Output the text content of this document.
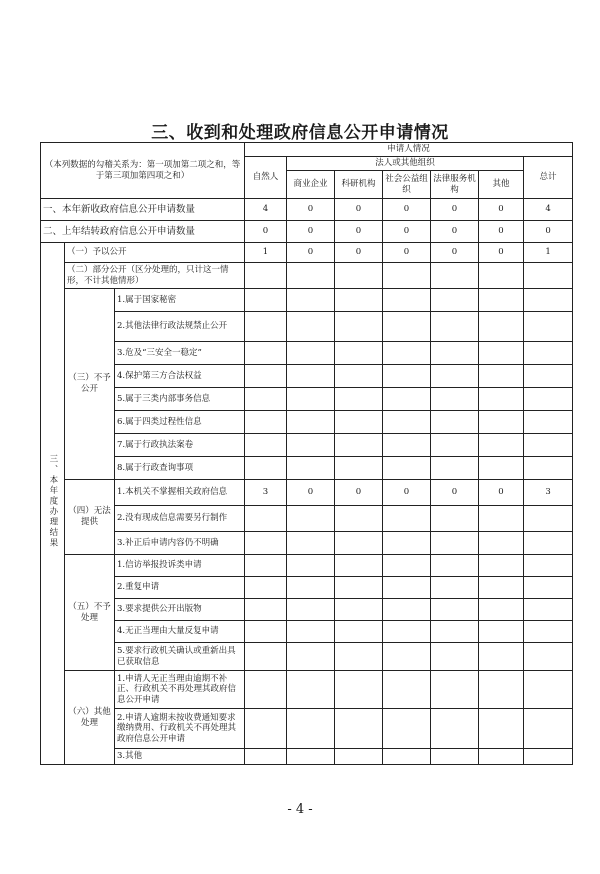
三、收到和处理政府信息公开申请情况
（本列数据的勾稽关系为：第一项加第二项之和，等于第三项加第四项之和）			申请人情况						
			自然人	法人或其他组织					总计
				商业企业	科研机构	社会公益组织	法律服务机构	其他	
一、本年新收政府信息公开申请数量			4	0	0	0	0	0	4
二、上年结转政府信息公开申请数量			0	0	0	0	0	0	0
三、本年度办理结果	（一）予以公开		1	0	0	0	0	0	1
	（二）部分公开（区分处理的，只计这一情形，不计其他情形）								
	（三）不予公开	1.属于国家秘密							
		2.其他法律行政法规禁止公开							
		3.危及“三安全一稳定”							
		4.保护第三方合法权益							
		5.属于三类内部事务信息							
		6.属于四类过程性信息							
		7.属于行政执法案卷							
		8.属于行政查询事项							
	（四）无法提供	1.本机关不掌握相关政府信息	3	0	0	0	0	0	3
		2.没有现成信息需要另行制作							
		3.补正后申请内容仍不明确							
	（五）不予处理	1.信访举报投诉类申请							
		2.重复申请							
		3.要求提供公开出版物							
		4.无正当理由大量反复申请							
		5.要求行政机关确认或重新出具已获取信息							
	（六）其他处理	1.申请人无正当理由逾期不补正、行政机关不再处理其政府信息公开申请							
		2.申请人逾期未按收费通知要求缴纳费用、行政机关不再处理其政府信息公开申请							
		3.其他							
- 4 -
